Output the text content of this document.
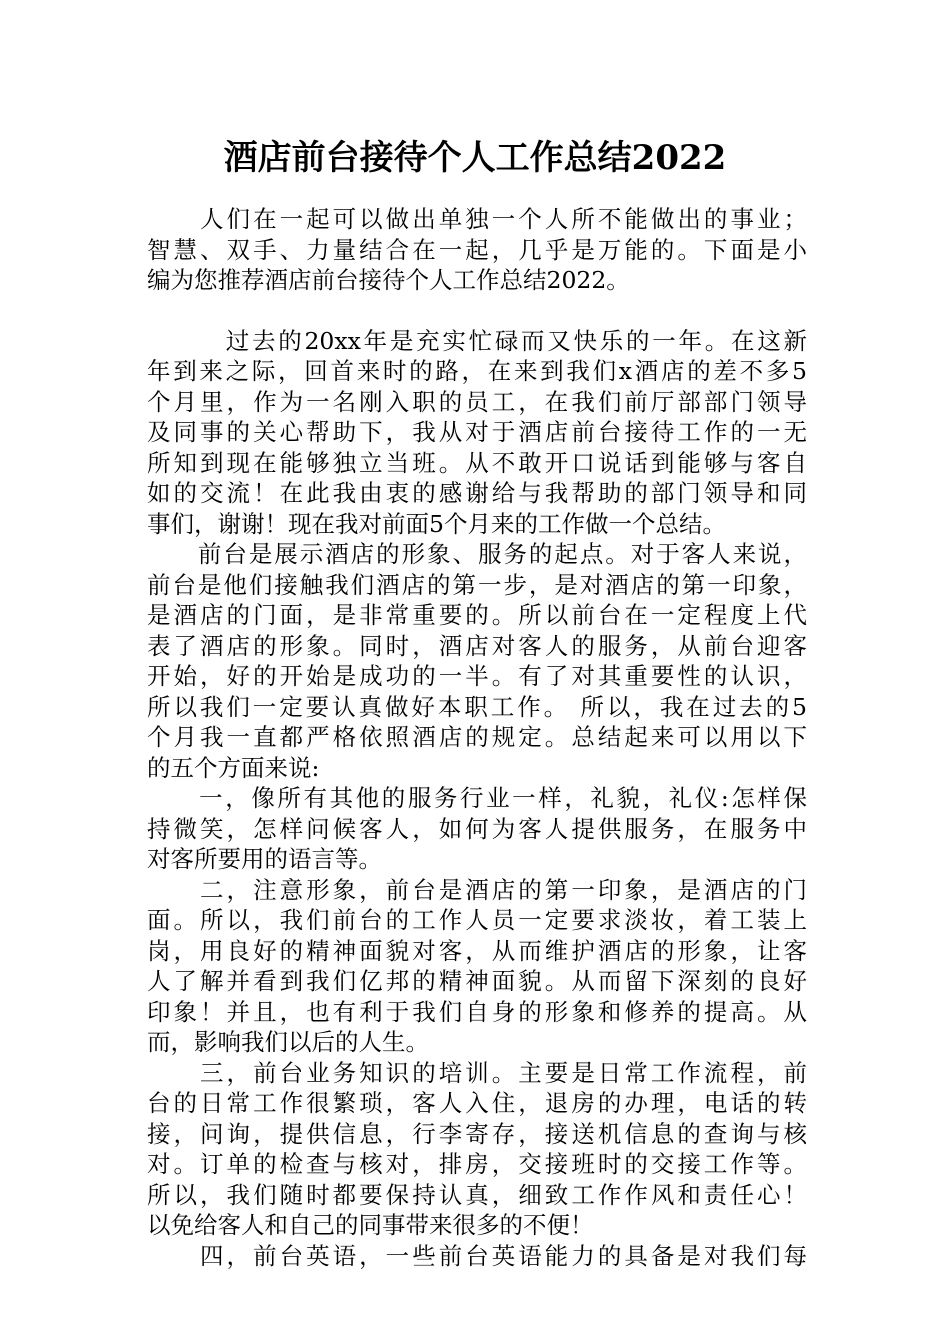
酒店前台接待个人工作总结2022
　　人们在一起可以做出单独一个人所不能做出的事业；
智慧、双手、力量结合在一起，几乎是万能的。下面是小
编为您推荐酒店前台接待个人工作总结2022。
　　　过去的20xx年是充实忙碌而又快乐的一年。在这新
年到来之际，回首来时的路，在来到我们x酒店的差不多5
个月里，作为一名刚入职的员工，在我们前厅部部门领导
及同事的关心帮助下，我从对于酒店前台接待工作的一无
所知到现在能够独立当班。从不敢开口说话到能够与客自
如的交流！在此我由衷的感谢给与我帮助的部门领导和同
事们，谢谢！现在我对前面5个月来的工作做一个总结。
　　前台是展示酒店的形象、服务的起点。对于客人来说，
前台是他们接触我们酒店的第一步，是对酒店的第一印象，
是酒店的门面，是非常重要的。所以前台在一定程度上代
表了酒店的形象。同时，酒店对客人的服务，从前台迎客
开始，好的开始是成功的一半。有了对其重要性的认识，
所以我们一定要认真做好本职工作。 所以，我在过去的5
个月我一直都严格依照酒店的规定。总结起来可以用以下
的五个方面来说:
　　一，像所有其他的服务行业一样，礼貌，礼仪:怎样保
持微笑，怎样问候客人，如何为客人提供服务，在服务中
对客所要用的语言等。
　　二，注意形象，前台是酒店的第一印象，是酒店的门
面。所以，我们前台的工作人员一定要求淡妆，着工装上
岗，用良好的精神面貌对客，从而维护酒店的形象，让客
人了解并看到我们亿邦的精神面貌。从而留下深刻的良好
印象！并且，也有利于我们自身的形象和修养的提高。从
而，影响我们以后的人生。
　　三，前台业务知识的培训。主要是日常工作流程，前
台的日常工作很繁琐，客人入住，退房的办理，电话的转
接，问询，提供信息，行李寄存，接送机信息的查询与核
对。订单的检查与核对，排房，交接班时的交接工作等。
所以，我们随时都要保持认真，细致工作作风和责任心！
以免给客人和自己的同事带来很多的不便！
　　四，前台英语，一些前台英语能力的具备是对我们每
